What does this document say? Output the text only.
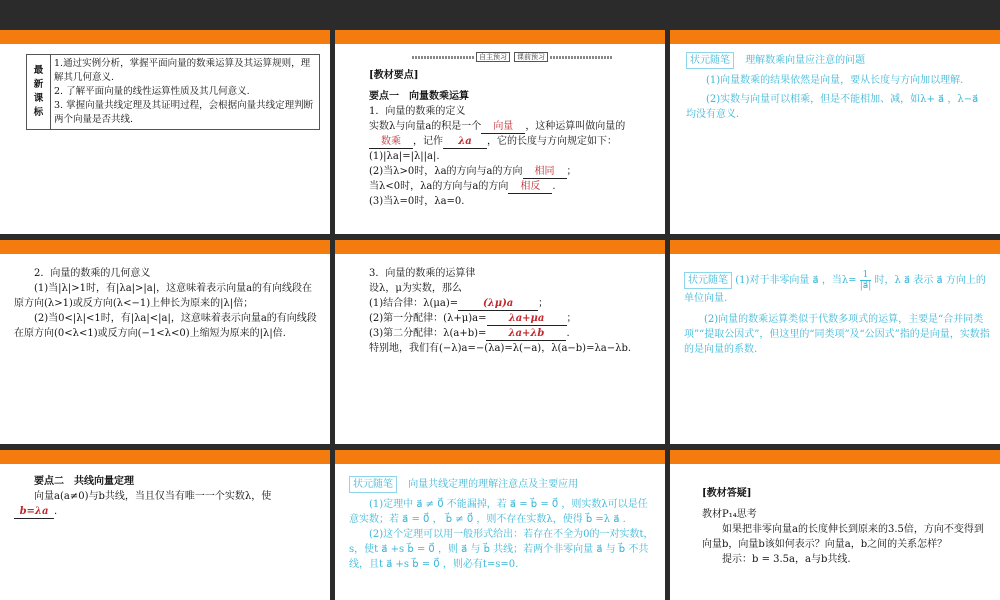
最新课标	
1.通过实例分析，掌握平面向量的数乘运算及其运算规则，理解其几何意义.
2. 了解平面向量的线性运算性质及其几何意义.
3. 掌握向量共线定理及其证明过程，会根据向量共线定理判断两个向量是否共线.
自主预习	课前预习
[教材要点]
要点一　向量数乘运算
1．向量的数乘的定义
实数λ与向量a的积是一个 向量 ，这种运算叫做向量的
数乘 ，记作 λa ，它的长度与方向规定如下：
(1)|λa|=|λ||a|.
(2)当λ>0时，λa的方向与a的方向 相同 ；
当λ<0时，λa的方向与a的方向 相反 .
(3)当λ=0时，λa=0.
状元随笔 理解数乘向量应注意的问题
(1)向量数乘的结果依然是向量，要从长度与方向加以理解.
(2)实数与向量可以相乘，但是不能相加、减，如λ+ a⃗ ，λ−a⃗ 均没有意义.
2．向量的数乘的几何意义
(1)当|λ|>1时，有|λa|>|a|，这意味着表示向量a的有向线段在原方向(λ>1)或反方向(λ<−1)上伸长为原来的|λ|倍；
(2)当0<|λ|<1时，有|λa|<|a|，这意味着表示向量a的有向线段在原方向(0<λ<1)或反方向(−1<λ<0)上缩短为原来的|λ|倍.
3．向量的数乘的运算律
设λ，μ为实数，那么
(1)结合律：λ(μa)= (λμ)a ；
(2)第一分配律：(λ+μ)a= λa+μa ；
(3)第二分配律：λ(a+b)= λa+λb .
特别地，我们有(−λ)a=−(λa)=λ(−a)，λ(a−b)=λa−λb.
状元随笔 (1)对于非零向量 a⃗ ，当$\lambda= \frac{1}{|a⃗|}$ 时，λ a⃗ 表示 a⃗ 方向上的单位向量.
(2)向量的数乘运算类似于代数多项式的运算，主要是“合并同类项”“提取公因式”，但这里的“同类项”及“公因式”指的是向量，实数指的是向量的系数.
要点二　共线向量定理
向量a(a≠0)与b共线，当且仅当有唯一一个实数λ，使
b=λa .
状元随笔 向量共线定理的理解注意点及主要应用
(1)定理中 a⃗ ≠ 0⃗ 不能漏掉，若 a⃗ = b⃗ = 0⃗ ，则实数λ可以是任意实数；若 a⃗ = 0⃗ ， b⃗ ≠ 0⃗ ，则不存在实数λ，使得 b⃗ =λ a⃗ .
(2)这个定理可以用一般形式给出：若存在不全为0的一对实数t，s，使t a⃗ +s b⃗ = 0⃗ ，则 a⃗ 与 b⃗ 共线；若两个非零向量 a⃗ 与 b⃗ 不共线，且t a⃗ +s b⃗ = 0⃗ ，则必有t=s=0.
[教材答疑]
教材P₁₄思考
如果把非零向量a的长度伸长到原来的3.5倍，方向不变得到向量b，向量b该如何表示？向量a，b之间的关系怎样？
提示：b = 3.5a，a与b共线.
